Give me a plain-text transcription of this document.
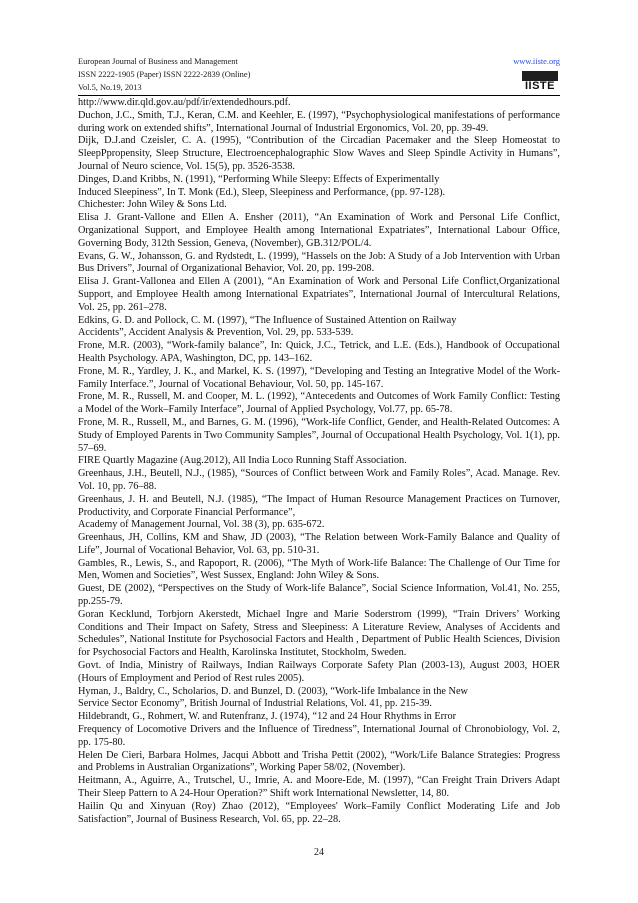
European Journal of Business and Management
ISSN 2222-1905 (Paper) ISSN 2222-2839 (Online)
Vol.5, No.19, 2013
www.iiste.org
IISTE
http://www.dir.qld.gov.au/pdf/ir/extendedhours.pdf.
Duchon, J.C., Smith, T.J., Keran, C.M. and Keehler, E. (1997), “Psychophysiological manifestations of performance during work on extended shifts”, International Journal of Industrial Ergonomics, Vol. 20, pp. 39-49.
Dijk, D.J.and Czeisler, C. A. (1995), “Contribution of the Circadian Pacemaker and the Sleep Homeostat to SleepPpropensity, Sleep Structure, Electroencephalographic Slow Waves and Sleep Spindle Activity in Humans”, Journal of Neuro science, Vol. 15(5), pp. 3526-3538.
Dinges, D.and Kribbs, N. (1991), “Performing While Sleepy: Effects of Experimentally
Induced Sleepiness”, In T. Monk (Ed.), Sleep, Sleepiness and Performance, (pp. 97-128).
Chichester: John Wiley & Sons Ltd.
Elisa J. Grant-Vallone and Ellen A. Ensher (2011), “An Examination of Work and Personal Life Conflict, Organizational Support, and Employee Health among International Expatriates”, International Labour Office, Governing Body, 312th Session, Geneva, (November), GB.312/POL/4.
Evans, G. W., Johansson, G. and Rydstedt, L. (1999), “Hassels on the Job: A Study of a Job Intervention with Urban Bus Drivers”, Journal of Organizational Behavior, Vol. 20, pp. 199-208.
Elisa J. Grant-Vallonea and Ellen A (2001), “An Examination of Work and Personal Life Conflict,Organizational Support, and Employee Health among International Expatriates”, International Journal of Intercultural Relations, Vol. 25, pp. 261–278.
Edkins, G. D. and Pollock, C. M. (1997), “The Influence of Sustained Attention on Railway
Accidents”, Accident Analysis & Prevention, Vol. 29, pp. 533-539.
Frone, M.R. (2003), “Work-family balance”, In: Quick, J.C., Tetrick, and L.E. (Eds.), Handbook of Occupational Health Psychology. APA, Washington, DC, pp. 143–162.
Frone, M. R., Yardley, J. K., and Markel, K. S. (1997), “Developing and Testing an Integrative Model of the Work-Family Interface.”, Journal of Vocational Behaviour, Vol. 50, pp. 145-167.
Frone, M. R., Russell, M. and Cooper, M. L. (1992), “Antecedents and Outcomes of Work Family Conflict: Testing a Model of the Work–Family Interface”, Journal of Applied Psychology, Vol.77, pp. 65-78.
Frone, M. R., Russell, M., and Barnes, G. M. (1996), “Work-life Conflict, Gender, and Health-Related Outcomes: A Study of Employed Parents in Two Community Samples”, Journal of Occupational Health Psychology, Vol. 1(1), pp. 57–69.
FIRE Quartly Magazine (Aug.2012), All India Loco Running Staff Association.
Greenhaus, J.H., Beutell, N.J., (1985), “Sources of Conflict between Work and Family Roles”, Acad. Manage. Rev. Vol. 10, pp. 76–88.
Greenhaus, J. H. and Beutell, N.J. (1985), “The Impact of Human Resource Management Practices on Turnover, Productivity, and Corporate Financial Performance”,
Academy of Management Journal, Vol. 38 (3), pp. 635-672.
Greenhaus, JH, Collins, KM and Shaw, JD (2003), “The Relation between Work-Family Balance and Quality of Life”, Journal of Vocational Behavior, Vol. 63, pp. 510-31.
Gambles, R., Lewis, S., and Rapoport, R. (2006), “The Myth of Work-life Balance: The Challenge of Our Time for Men, Women and Societies”, West Sussex, England: John Wiley & Sons.
Guest, DE (2002), “Perspectives on the Study of Work-life Balance”, Social Science Information, Vol.41, No. 255, pp.255-79.
Goran Kecklund, Torbjorn Akerstedt, Michael Ingre and Marie Soderstrom (1999), “Train Drivers’ Working Conditions and Their Impact on Safety, Stress and Sleepiness: A Literature Review, Analyses of Accidents and Schedules”, National Institute for Psychosocial Factors and Health , Department of Public Health Sciences, Division for Psychosocial Factors and Health, Karolinska Institutet, Stockholm, Sweden.
Govt. of India, Ministry of Railways, Indian Railways Corporate Safety Plan (2003-13), August 2003, HOER (Hours of Employment and Period of Rest rules 2005).
Hyman, J., Baldry, C., Scholarios, D. and Bunzel, D. (2003), “Work-life Imbalance in the New
Service Sector Economy”, British Journal of Industrial Relations, Vol. 41, pp. 215-39.
Hildebrandt, G., Rohmert, W. and Rutenfranz, J. (1974), “12 and 24 Hour Rhythms in Error
Frequency of Locomotive Drivers and the Influence of Tiredness”, International Journal of Chronobiology, Vol. 2, pp. 175-80.
Helen De Cieri, Barbara Holmes, Jacqui Abbott and Trisha Pettit (2002), “Work/Life Balance Strategies: Progress and Problems in Australian Organizations”, Working Paper 58/02, (November).
Heitmann, A., Aguirre, A., Trutschel, U., Imrie, A. and Moore-Ede, M. (1997), “Can Freight Train Drivers Adapt Their Sleep Pattern to A 24-Hour Operation?” Shift work International Newsletter, 14, 80.
Hailin Qu and Xinyuan (Roy) Zhao (2012), “Employees' Work–Family Conflict Moderating Life and Job Satisfaction”, Journal of Business Research, Vol. 65, pp. 22–28.
24
